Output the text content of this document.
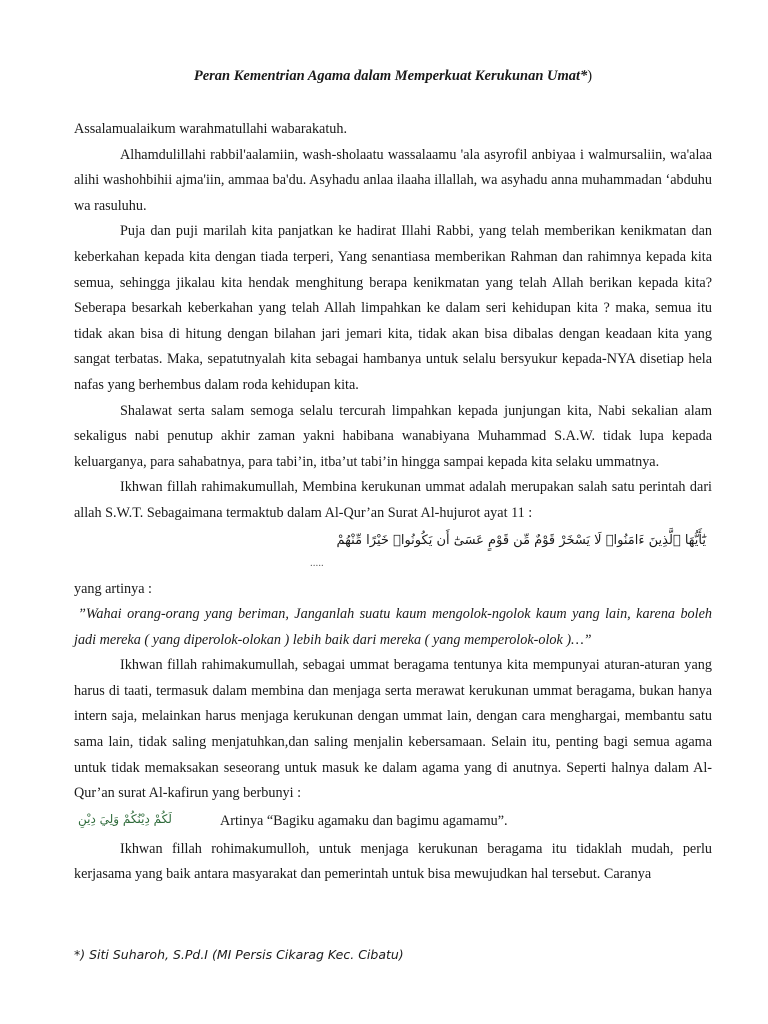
Peran Kementrian Agama dalam Memperkuat Kerukunan Umat*)

Assalamualaikum warahmatullahi wabarakatuh.

Alhamdulillahi rabbil'aalamiin, wash-sholaatu wassalaamu 'ala asyrofil anbiyaa i walmursaliin, wa'alaa alihi washohbihii ajma'iin, ammaa ba'du. Asyhadu anlaa ilaaha illallah, wa asyhadu anna muhammadan ‘abduhu wa rasuluhu.

Puja dan puji marilah kita panjatkan ke hadirat Illahi Rabbi, yang telah memberikan kenikmatan dan keberkahan kepada kita dengan tiada terperi, Yang senantiasa memberikan Rahman dan rahimnya kepada kita semua, sehingga jikalau kita hendak menghitung berapa kenikmatan yang telah Allah berikan kepada kita? Seberapa besarkah keberkahan yang telah Allah limpahkan ke dalam seri kehidupan kita ? maka, semua itu tidak akan bisa di hitung dengan bilahan jari jemari kita, tidak akan bisa dibalas dengan keadaan kita yang sangat terbatas. Maka, sepatutnyalah kita sebagai hambanya untuk selalu bersyukur kepada-NYA disetiap hela nafas yang berhembus dalam roda kehidupan kita.

Shalawat serta salam semoga selalu tercurah limpahkan kepada junjungan kita, Nabi sekalian alam sekaligus nabi penutup akhir zaman yakni habibana wanabiyana Muhammad S.A.W. tidak lupa kepada keluarganya, para sahabatnya, para tabi’in, itba’ut tabi’in hingga sampai kepada kita selaku ummatnya.

Ikhwan fillah rahimakumullah, Membina kerukunan ummat adalah merupakan salah satu perintah dari allah S.W.T. Sebagaimana termaktub dalam Al-Qur’an Surat Al-hujurot ayat 11 :

يَٰٓأَيُّهَا ٱلَّذِينَ ءَامَنُوا۟ لَا يَسْخَرْ قَوْمٌ مِّن قَوْمٍ عَسَىٰٓ أَن يَكُونُوا۟ خَيْرًا مِّنْهُمْ
.....

yang artinya :

”Wahai orang-orang yang beriman, Janganlah suatu kaum mengolok-ngolok kaum yang lain, karena boleh jadi mereka ( yang diperolok-olokan ) lebih baik dari mereka ( yang memperolok-olok )…”

Ikhwan fillah rahimakumullah, sebagai ummat beragama tentunya kita mempunyai aturan-aturan yang harus di taati, termasuk dalam membina dan menjaga serta merawat kerukunan ummat beragama, bukan hanya intern saja, melainkan harus menjaga kerukunan dengan ummat lain, dengan cara menghargai, membantu satu sama lain, tidak saling menjatuhkan,dan saling menjalin kebersamaan. Selain itu, penting bagi semua agama untuk tidak memaksakan seseorang untuk masuk ke dalam agama yang di anutnya. Seperti halnya dalam Al-Qur’an surat Al-kafirun yang berbunyi :

لَكُمْ دِيْنُكُمْ وَلِيَ دِيْنِ	Artinya “Bagiku agamaku dan bagimu agamamu”.

Ikhwan fillah rohimakumulloh, untuk menjaga kerukunan beragama itu tidaklah mudah, perlu kerjasama yang baik antara masyarakat dan pemerintah untuk bisa mewujudkan hal tersebut. Caranya

*) Siti Suharoh, S.Pd.I (MI Persis Cikarag Kec. Cibatu)
